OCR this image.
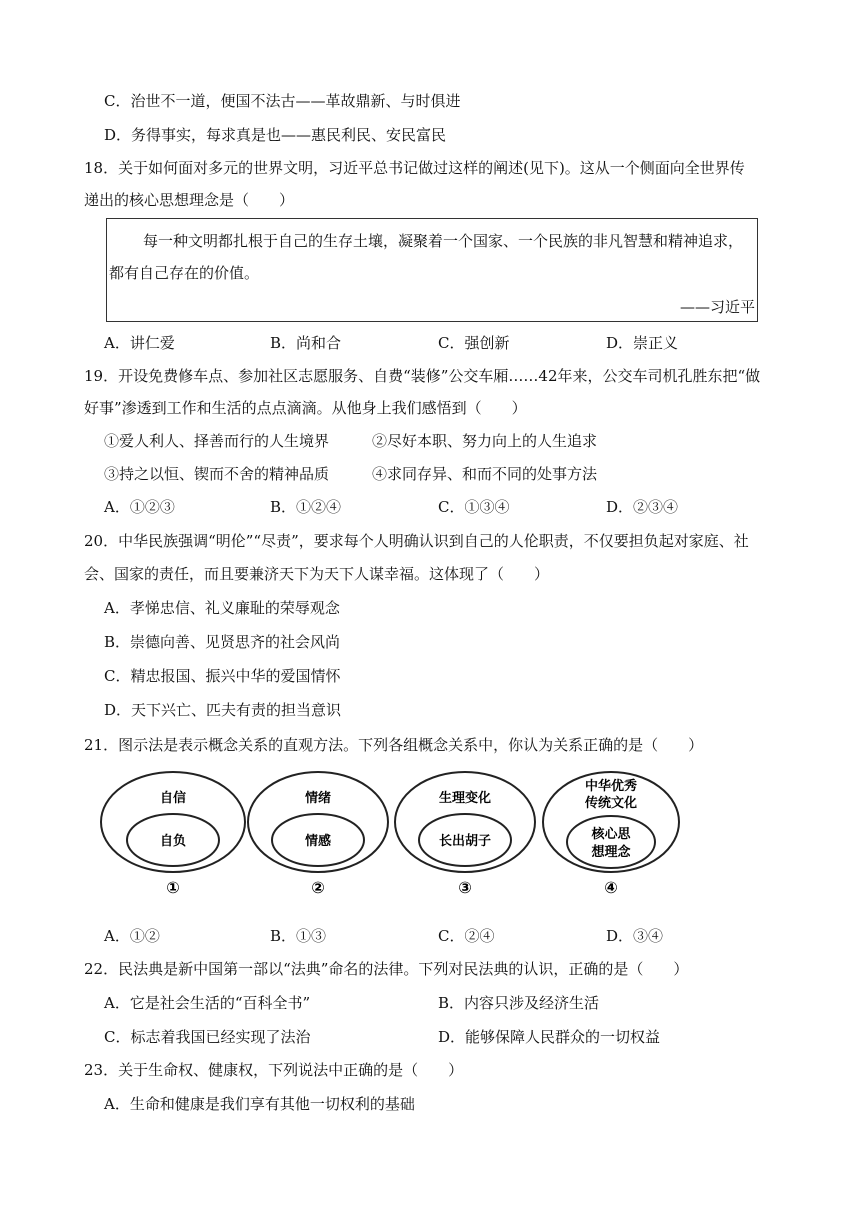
C．治世不一道，便国不法古——革故鼎新、与时俱进
D．务得事实，每求真是也——惠民利民、安民富民
18．关于如何面对多元的世界文明，习近平总书记做过这样的阐述(见下)。这从一个侧面向全世界传
递出的核心思想理念是（　　）
每一种文明都扎根于自己的生存土壤，凝聚着一个国家、一个民族的非凡智慧和精神追求，
都有自己存在的价值。
——习近平
A．讲仁爱	B．尚和合	C．强创新	D．崇正义
19．开设免费修车点、参加社区志愿服务、自费“装修”公交车厢……42年来，公交车司机孔胜东把“做
好事”渗透到工作和生活的点点滴滴。从他身上我们感悟到（　　）
①爱人利人、择善而行的人生境界	②尽好本职、努力向上的人生追求
③持之以恒、锲而不舍的精神品质	④求同存异、和而不同的处事方法
A．①②③	B．①②④	C．①③④	D．②③④
20．中华民族强调“明伦”“尽责”，要求每个人明确认识到自己的人伦职责，不仅要担负起对家庭、社
会、国家的责任，而且要兼济天下为天下人谋幸福。这体现了（　　）
A．孝悌忠信、礼义廉耻的荣辱观念
B．崇德向善、见贤思齐的社会风尚
C．精忠报国、振兴中华的爱国情怀
D．天下兴亡、匹夫有责的担当意识
21．图示法是表示概念关系的直观方法。下列各组概念关系中，你认为关系正确的是（　　）
自信
自负
①
情绪
情感
②
生理变化
长出胡子
③
中华优秀
传统文化
核心思
想理念
④
A．①②	B．①③	C．②④	D．③④
22．民法典是新中国第一部以“法典”命名的法律。下列对民法典的认识，正确的是（　　）
A．它是社会生活的“百科全书”	B．内容只涉及经济生活
C．标志着我国已经实现了法治	D．能够保障人民群众的一切权益
23．关于生命权、健康权，下列说法中正确的是（　　）
A．生命和健康是我们享有其他一切权利的基础
